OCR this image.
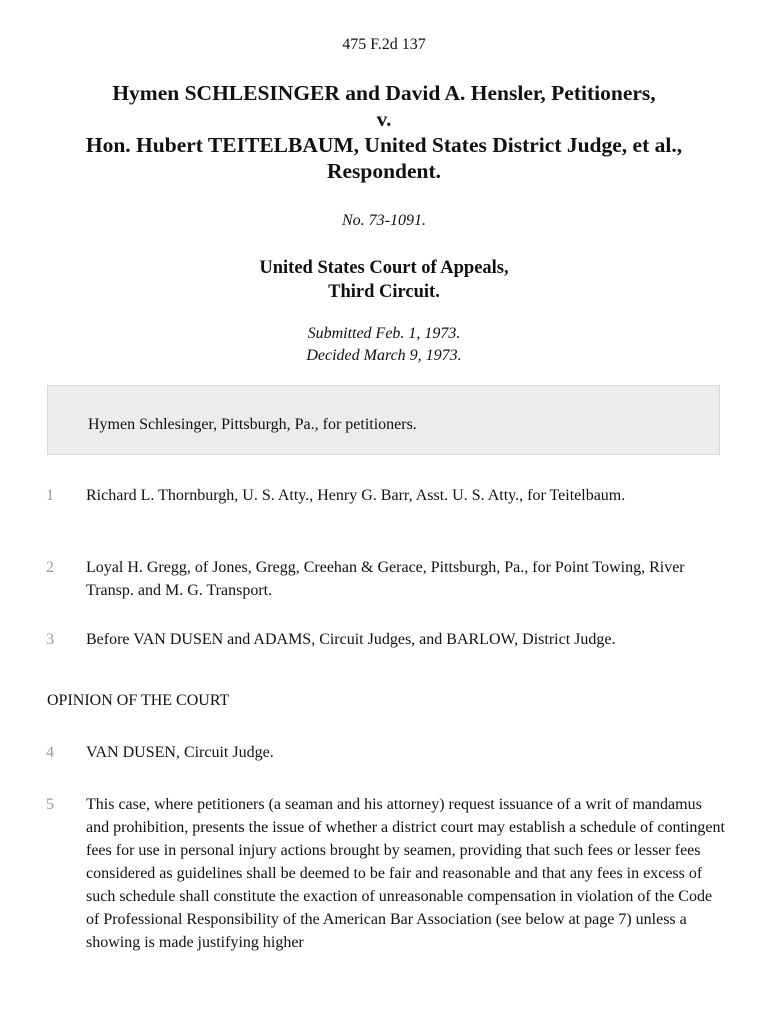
475 F.2d 137
Hymen SCHLESINGER and David A. Hensler, Petitioners,
v.
Hon. Hubert TEITELBAUM, United States District Judge, et al., Respondent.
No. 73-1091.
United States Court of Appeals,
Third Circuit.
Submitted Feb. 1, 1973.
Decided March 9, 1973.
Hymen Schlesinger, Pittsburgh, Pa., for petitioners.
1 Richard L. Thornburgh, U. S. Atty., Henry G. Barr, Asst. U. S. Atty., for Teitelbaum.
2 Loyal H. Gregg, of Jones, Gregg, Creehan & Gerace, Pittsburgh, Pa., for Point Towing, River Transp. and M. G. Transport.
3 Before VAN DUSEN and ADAMS, Circuit Judges, and BARLOW, District Judge.
OPINION OF THE COURT
4 VAN DUSEN, Circuit Judge.
5 This case, where petitioners (a seaman and his attorney) request issuance of a writ of mandamus and prohibition, presents the issue of whether a district court may establish a schedule of contingent fees for use in personal injury actions brought by seamen, providing that such fees or lesser fees considered as guidelines shall be deemed to be fair and reasonable and that any fees in excess of such schedule shall constitute the exaction of unreasonable compensation in violation of the Code of Professional Responsibility of the American Bar Association (see below at page 7) unless a showing is made justifying higher
